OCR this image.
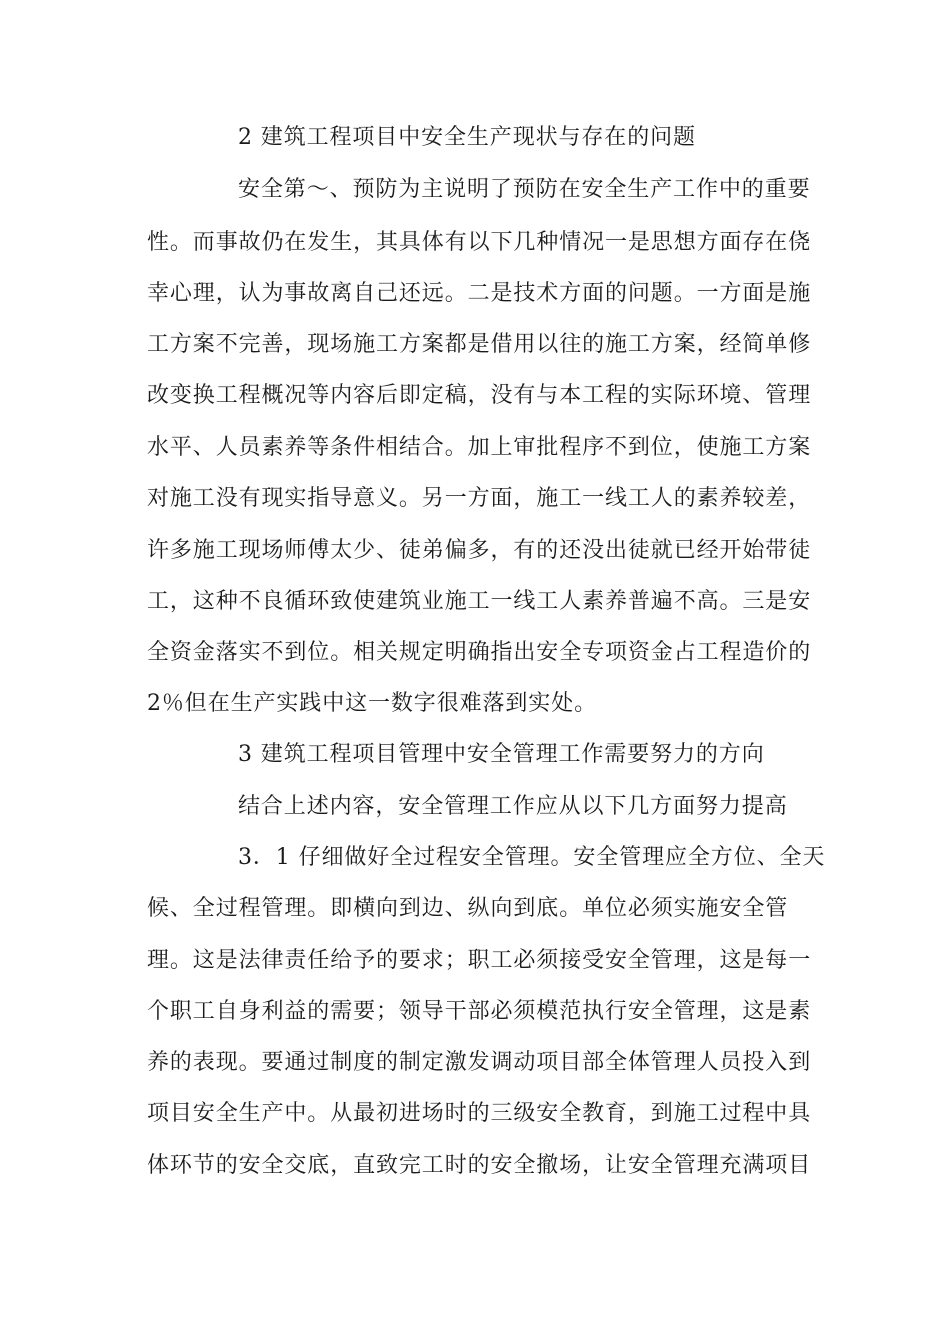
2 建筑工程项目中安全生产现状与存在的问题
安全第～、预防为主说明了预防在安全生产工作中的重要
性。而事故仍在发生，其具体有以下几种情况一是思想方面存在侥
幸心理，认为事故离自己还远。二是技术方面的问题。一方面是施
工方案不完善，现场施工方案都是借用以往的施工方案，经简单修
改变换工程概况等内容后即定稿，没有与本工程的实际环境、管理
水平、人员素养等条件相结合。加上审批程序不到位，使施工方案
对施工没有现实指导意义。另一方面，施工一线工人的素养较差，
许多施工现场师傅太少、徒弟偏多，有的还没出徒就已经开始带徒
工，这种不良循环致使建筑业施工一线工人素养普遍不高。三是安
全资金落实不到位。相关规定明确指出安全专项资金占工程造价的
2％但在生产实践中这一数字很难落到实处。
3 建筑工程项目管理中安全管理工作需要努力的方向
结合上述内容，安全管理工作应从以下几方面努力提高
3．1 仔细做好全过程安全管理。安全管理应全方位、全天
候、全过程管理。即横向到边、纵向到底。单位必须实施安全管
理。这是法律责任给予的要求；职工必须接受安全管理，这是每一
个职工自身利益的需要；领导干部必须模范执行安全管理，这是素
养的表现。要通过制度的制定激发调动项目部全体管理人员投入到
项目安全生产中。从最初进场时的三级安全教育，到施工过程中具
体环节的安全交底，直致完工时的安全撤场，让安全管理充满项目
